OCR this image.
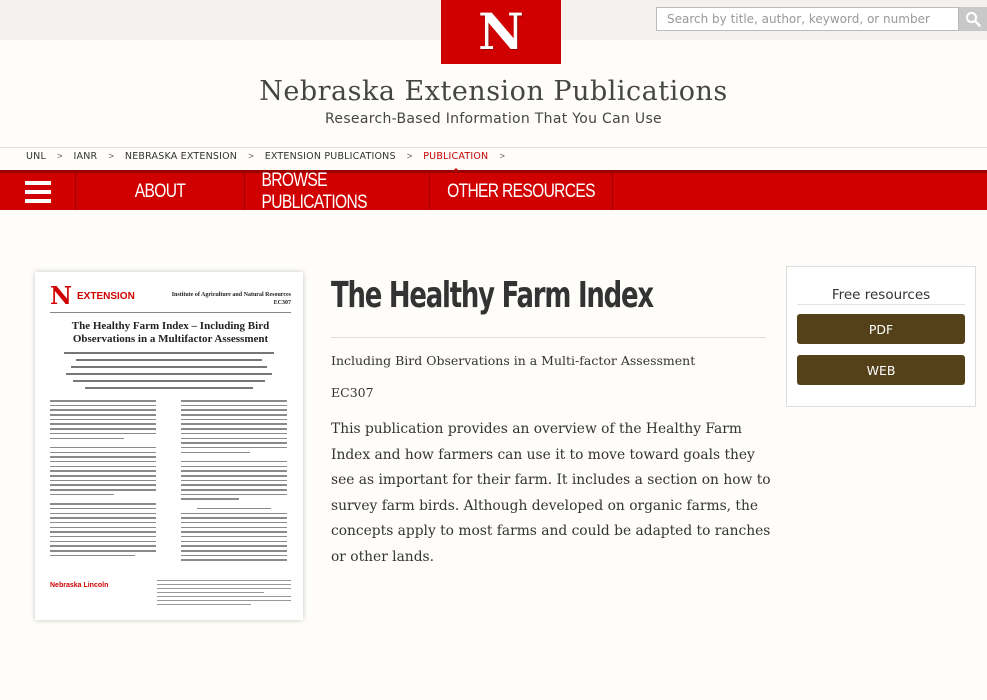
N
Search by title, author, keyword, or number
Nebraska Extension Publications
Research-Based Information That You Can Use
UNL > IANR > NEBRASKA EXTENSION > EXTENSION PUBLICATIONS > PUBLICATION >
ABOUT
BROWSE PUBLICATIONS
OTHER RESOURCES
N EXTENSION	Institute of Agriculture and Natural Resources
EC307
The Healthy Farm Index – Including Bird Observations in a Multifactor Assessment
Nebraska Lincoln
The Healthy Farm Index
Including Bird Observations in a Multi-factor Assessment
EC307

This publication provides an overview of the Healthy Farm Index and how farmers can use it to move toward goals they see as important for their farm. It includes a section on how to survey farm birds. Although developed on organic farms, the concepts apply to most farms and could be adapted to ranches or other lands.

Free resources
PDF
WEB
